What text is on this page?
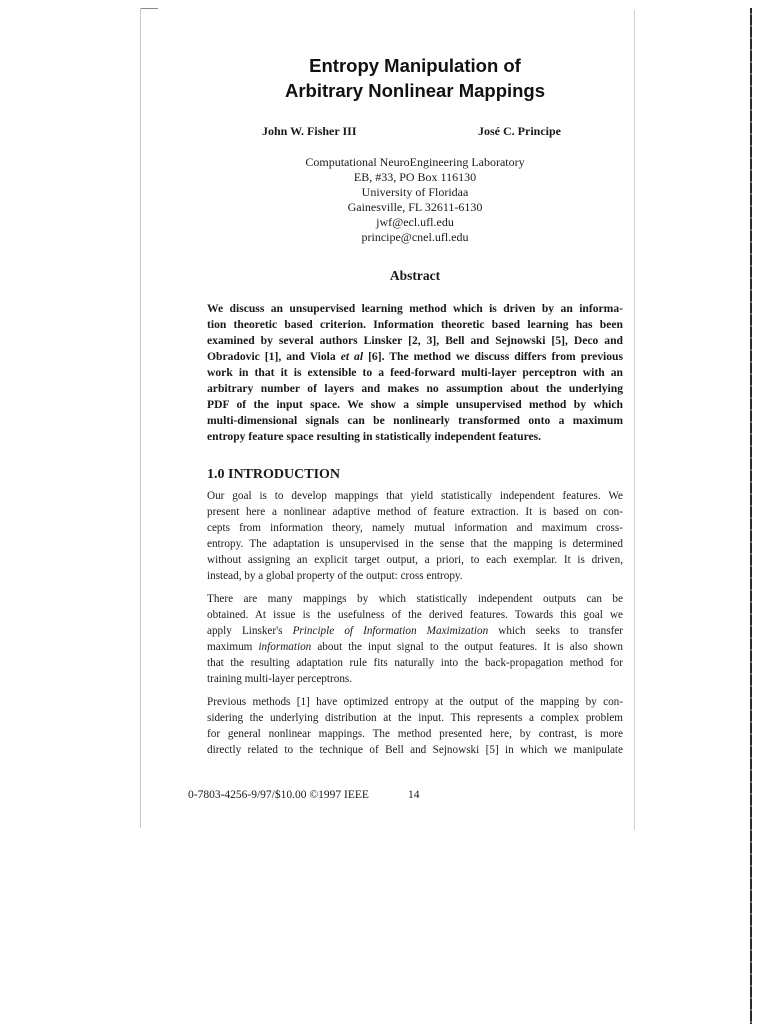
Entropy Manipulation of
Arbitrary Nonlinear Mappings
John W. Fisher III	José C. Principe
Computational NeuroEngineering Laboratory
EB, #33, PO Box 116130
University of Floridaa
Gainesville, FL 32611-6130
jwf@ecl.ufl.edu
principe@cnel.ufl.edu
Abstract
We discuss an unsupervised learning method which is driven by an informa-
tion theoretic based criterion. Information theoretic based learning has been
examined by several authors Linsker [2, 3], Bell and Sejnowski [5], Deco and
Obradovic [1], and Viola et al [6]. The method we discuss differs from previous
work in that it is extensible to a feed-forward multi-layer perceptron with an
arbitrary number of layers and makes no assumption about the underlying
PDF of the input space. We show a simple unsupervised method by which
multi-dimensional signals can be nonlinearly transformed onto a maximum
entropy feature space resulting in statistically independent features.
1.0 INTRODUCTION
Our goal is to develop mappings that yield statistically independent features. We
present here a nonlinear adaptive method of feature extraction. It is based on con-
cepts from information theory, namely mutual information and maximum cross-
entropy. The adaptation is unsupervised in the sense that the mapping is determined
without assigning an explicit target output, a priori, to each exemplar. It is driven,
instead, by a global property of the output: cross entropy.
There are many mappings by which statistically independent outputs can be
obtained. At issue is the usefulness of the derived features. Towards this goal we
apply Linsker's Principle of Information Maximization which seeks to transfer
maximum information about the input signal to the output features. It is also shown
that the resulting adaptation rule fits naturally into the back-propagation method for
training multi-layer perceptrons.
Previous methods [1] have optimized entropy at the output of the mapping by con-
sidering the underlying distribution at the input. This represents a complex problem
for general nonlinear mappings. The method presented here, by contrast, is more
directly related to the technique of Bell and Sejnowski [5] in which we manipulate
0-7803-4256-9/97/$10.00 ©1997 IEEE	14
